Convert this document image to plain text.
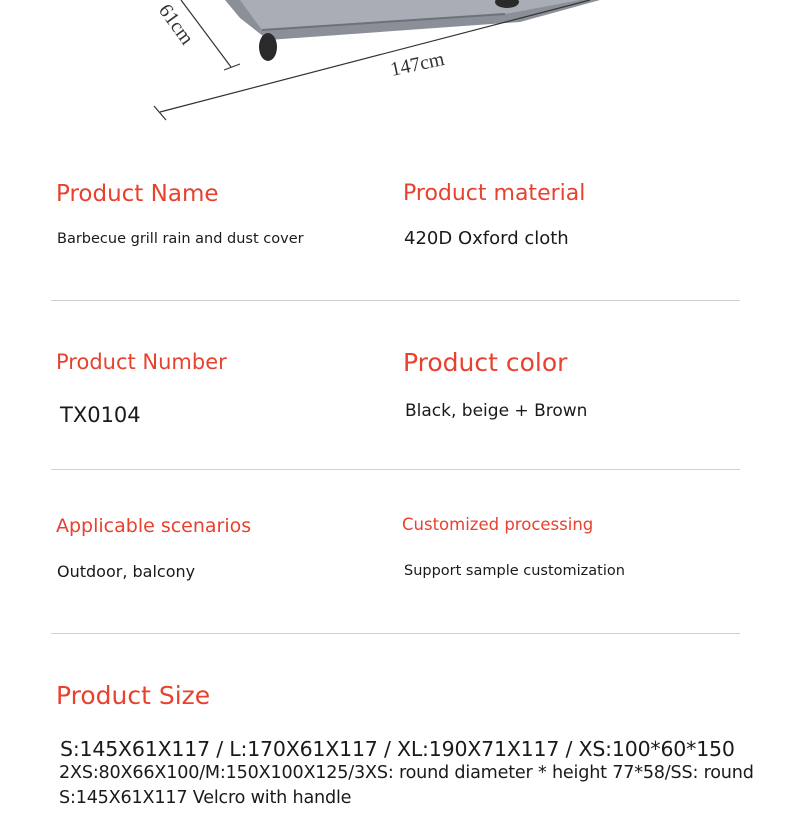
61cm
147cm
Product Name
Barbecue grill rain and dust cover
Product material
420D Oxford cloth
Product Number
TX0104
Product color
Black, beige + Brown
Applicable scenarios
Outdoor, balcony
Customized processing
Support sample customization
Product Size
S:145X61X117 / L:170X61X117 / XL:190X71X117 / XS:100*60*150
2XS:80X66X100/M:150X100X125/3XS: round diameter * height 77*58/SS: round
S:145X61X117 Velcro with handle
